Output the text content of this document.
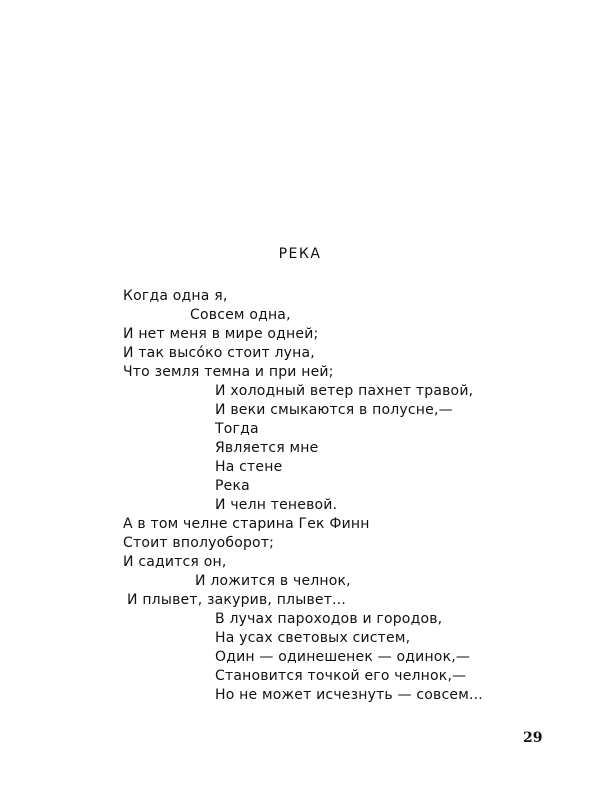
РЕКА
Когда одна я,
Совсем одна,
И нет меня в мире одней;
И так высо́ко стоит луна,
Что земля темна и при ней;
И холодный ветер пахнет травой,
И веки смыкаются в полусне,—
Тогда
Является мне
На стене
Река
И челн теневой.
А в том челне старина Гек Финн
Стоит вполуоборот;
И садится он,
И ложится в челнок,
И плывет, закурив, плывет...
В лучах пароходов и городов,
На усах световых систем,
Один — одинешенек — одинок,—
Становится точкой его челнок,—
Но не может исчезнуть — совсем...
29
